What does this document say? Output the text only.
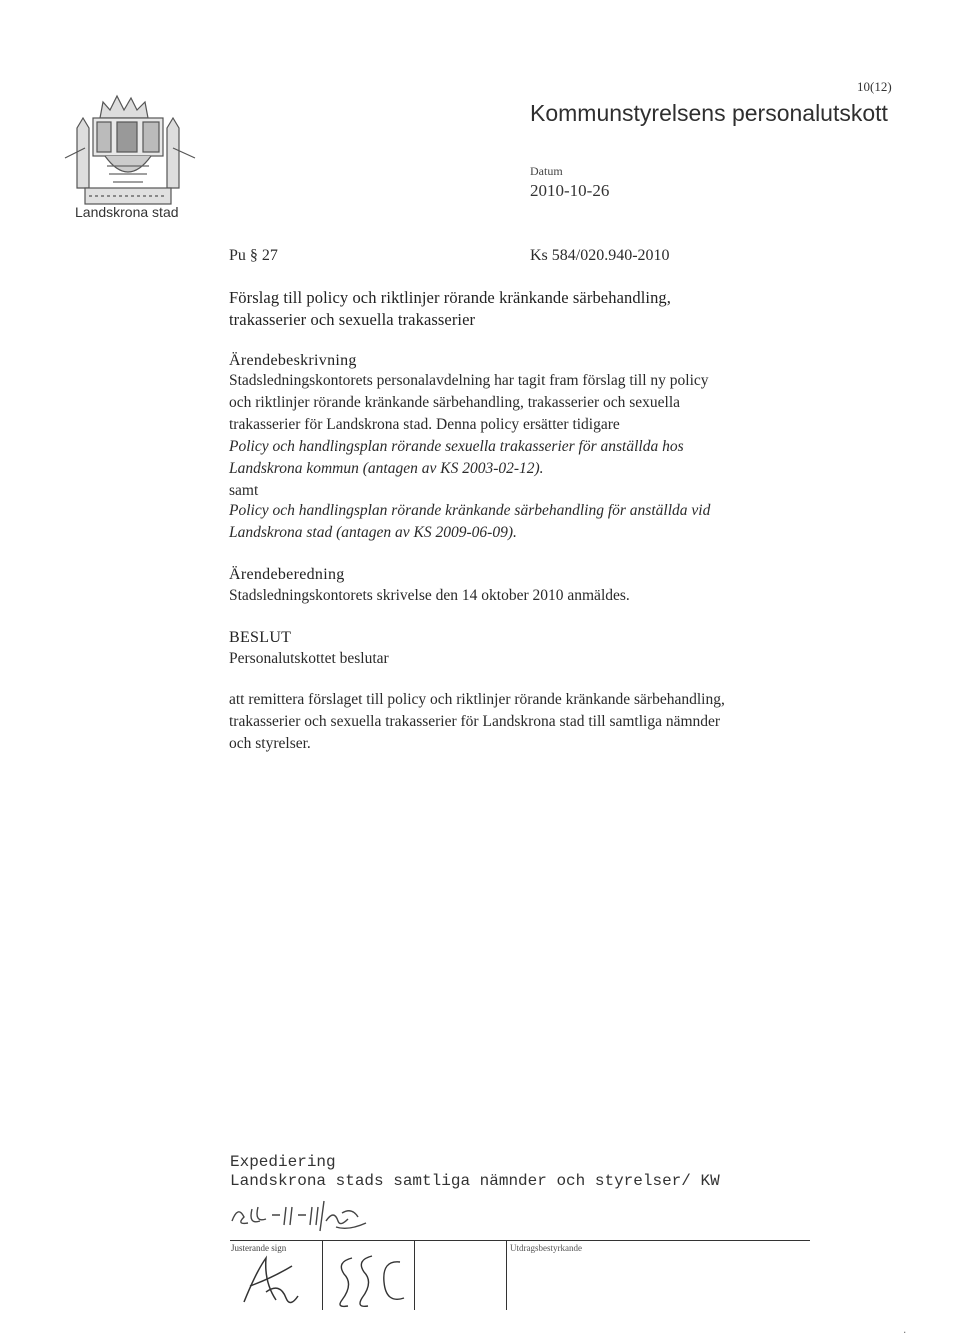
10(12)
Kommunstyrelsens personalutskott
Datum
2010-10-26
Landskrona stad
Pu § 27	Ks 584/020.940-2010
Förslag till policy och riktlinjer rörande kränkande särbehandling,
trakasserier och sexuella trakasserier
Ärendebeskrivning
Stadsledningskontorets personalavdelning har tagit fram förslag till ny policy
och riktlinjer rörande kränkande särbehandling, trakasserier och sexuella
trakasserier för Landskrona stad. Denna policy ersätter tidigare
Policy och handlingsplan rörande sexuella trakasserier för anställda hos
Landskrona kommun (antagen av KS 2003-02-12).
samt
Policy och handlingsplan rörande kränkande särbehandling för anställda vid
Landskrona stad (antagen av KS 2009-06-09).
Ärendeberedning
Stadsledningskontorets skrivelse den 14 oktober 2010 anmäldes.
BESLUT
Personalutskottet beslutar
att remittera förslaget till policy och riktlinjer rörande kränkande särbehandling,
trakasserier och sexuella trakasserier för Landskrona stad till samtliga nämnder
och styrelser.
Expediering
Landskrona stads samtliga nämnder och styrelser/ KW
Justerande sign	Utdragsbestyrkande
.
